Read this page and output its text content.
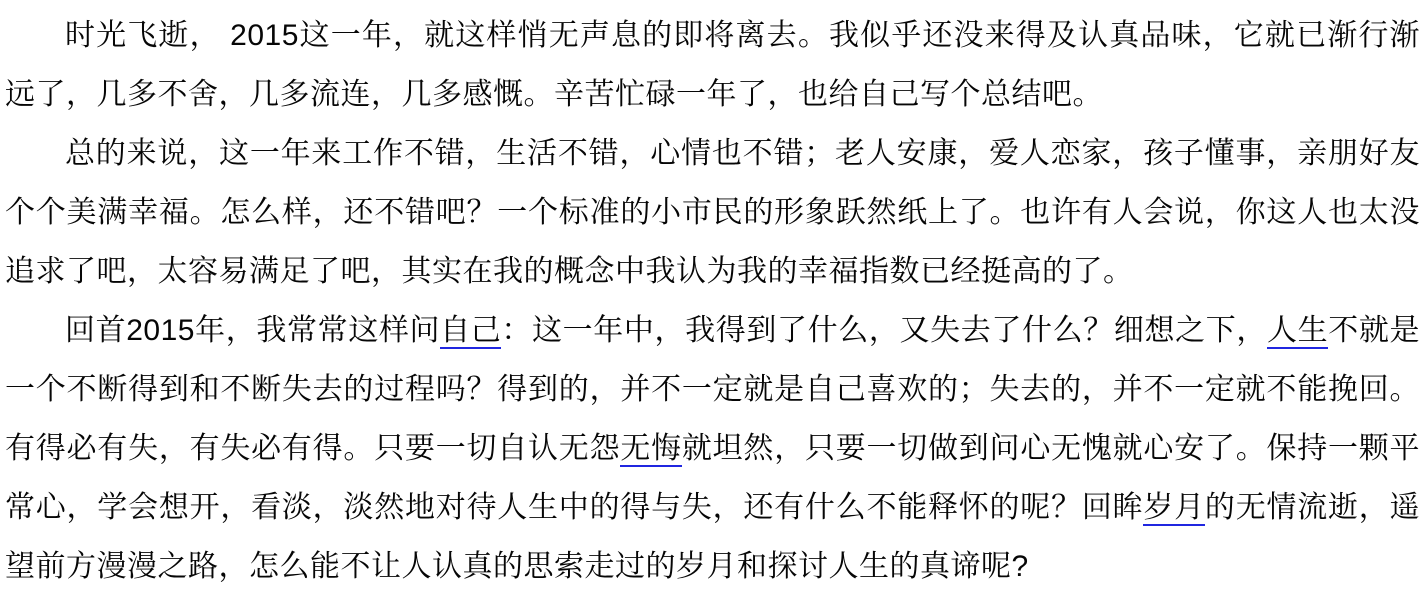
时光飞逝， 2015这一年，就这样悄无声息的即将离去。我似乎还没来得及认真品味，它就已渐行渐远了，几多不舍，几多流连，几多感慨。辛苦忙碌一年了，也给自己写个总结吧。

总的来说，这一年来工作不错，生活不错，心情也不错；老人安康，爱人恋家，孩子懂事，亲朋好友个个美满幸福。怎么样，还不错吧？一个标准的小市民的形象跃然纸上了。也许有人会说，你这人也太没追求了吧，太容易满足了吧，其实在我的概念中我认为我的幸福指数已经挺高的了。

回首2015年，我常常这样问自己：这一年中，我得到了什么，又失去了什么？细想之下，人生不就是一个不断得到和不断失去的过程吗？得到的，并不一定就是自己喜欢的；失去的，并不一定就不能挽回。有得必有失，有失必有得。只要一切自认无怨无悔就坦然，只要一切做到问心无愧就心安了。保持一颗平常心，学会想开，看淡，淡然地对待人生中的得与失，还有什么不能释怀的呢？回眸岁月的无情流逝，遥望前方漫漫之路，怎么能不让人认真的思索走过的岁月和探讨人生的真谛呢?
